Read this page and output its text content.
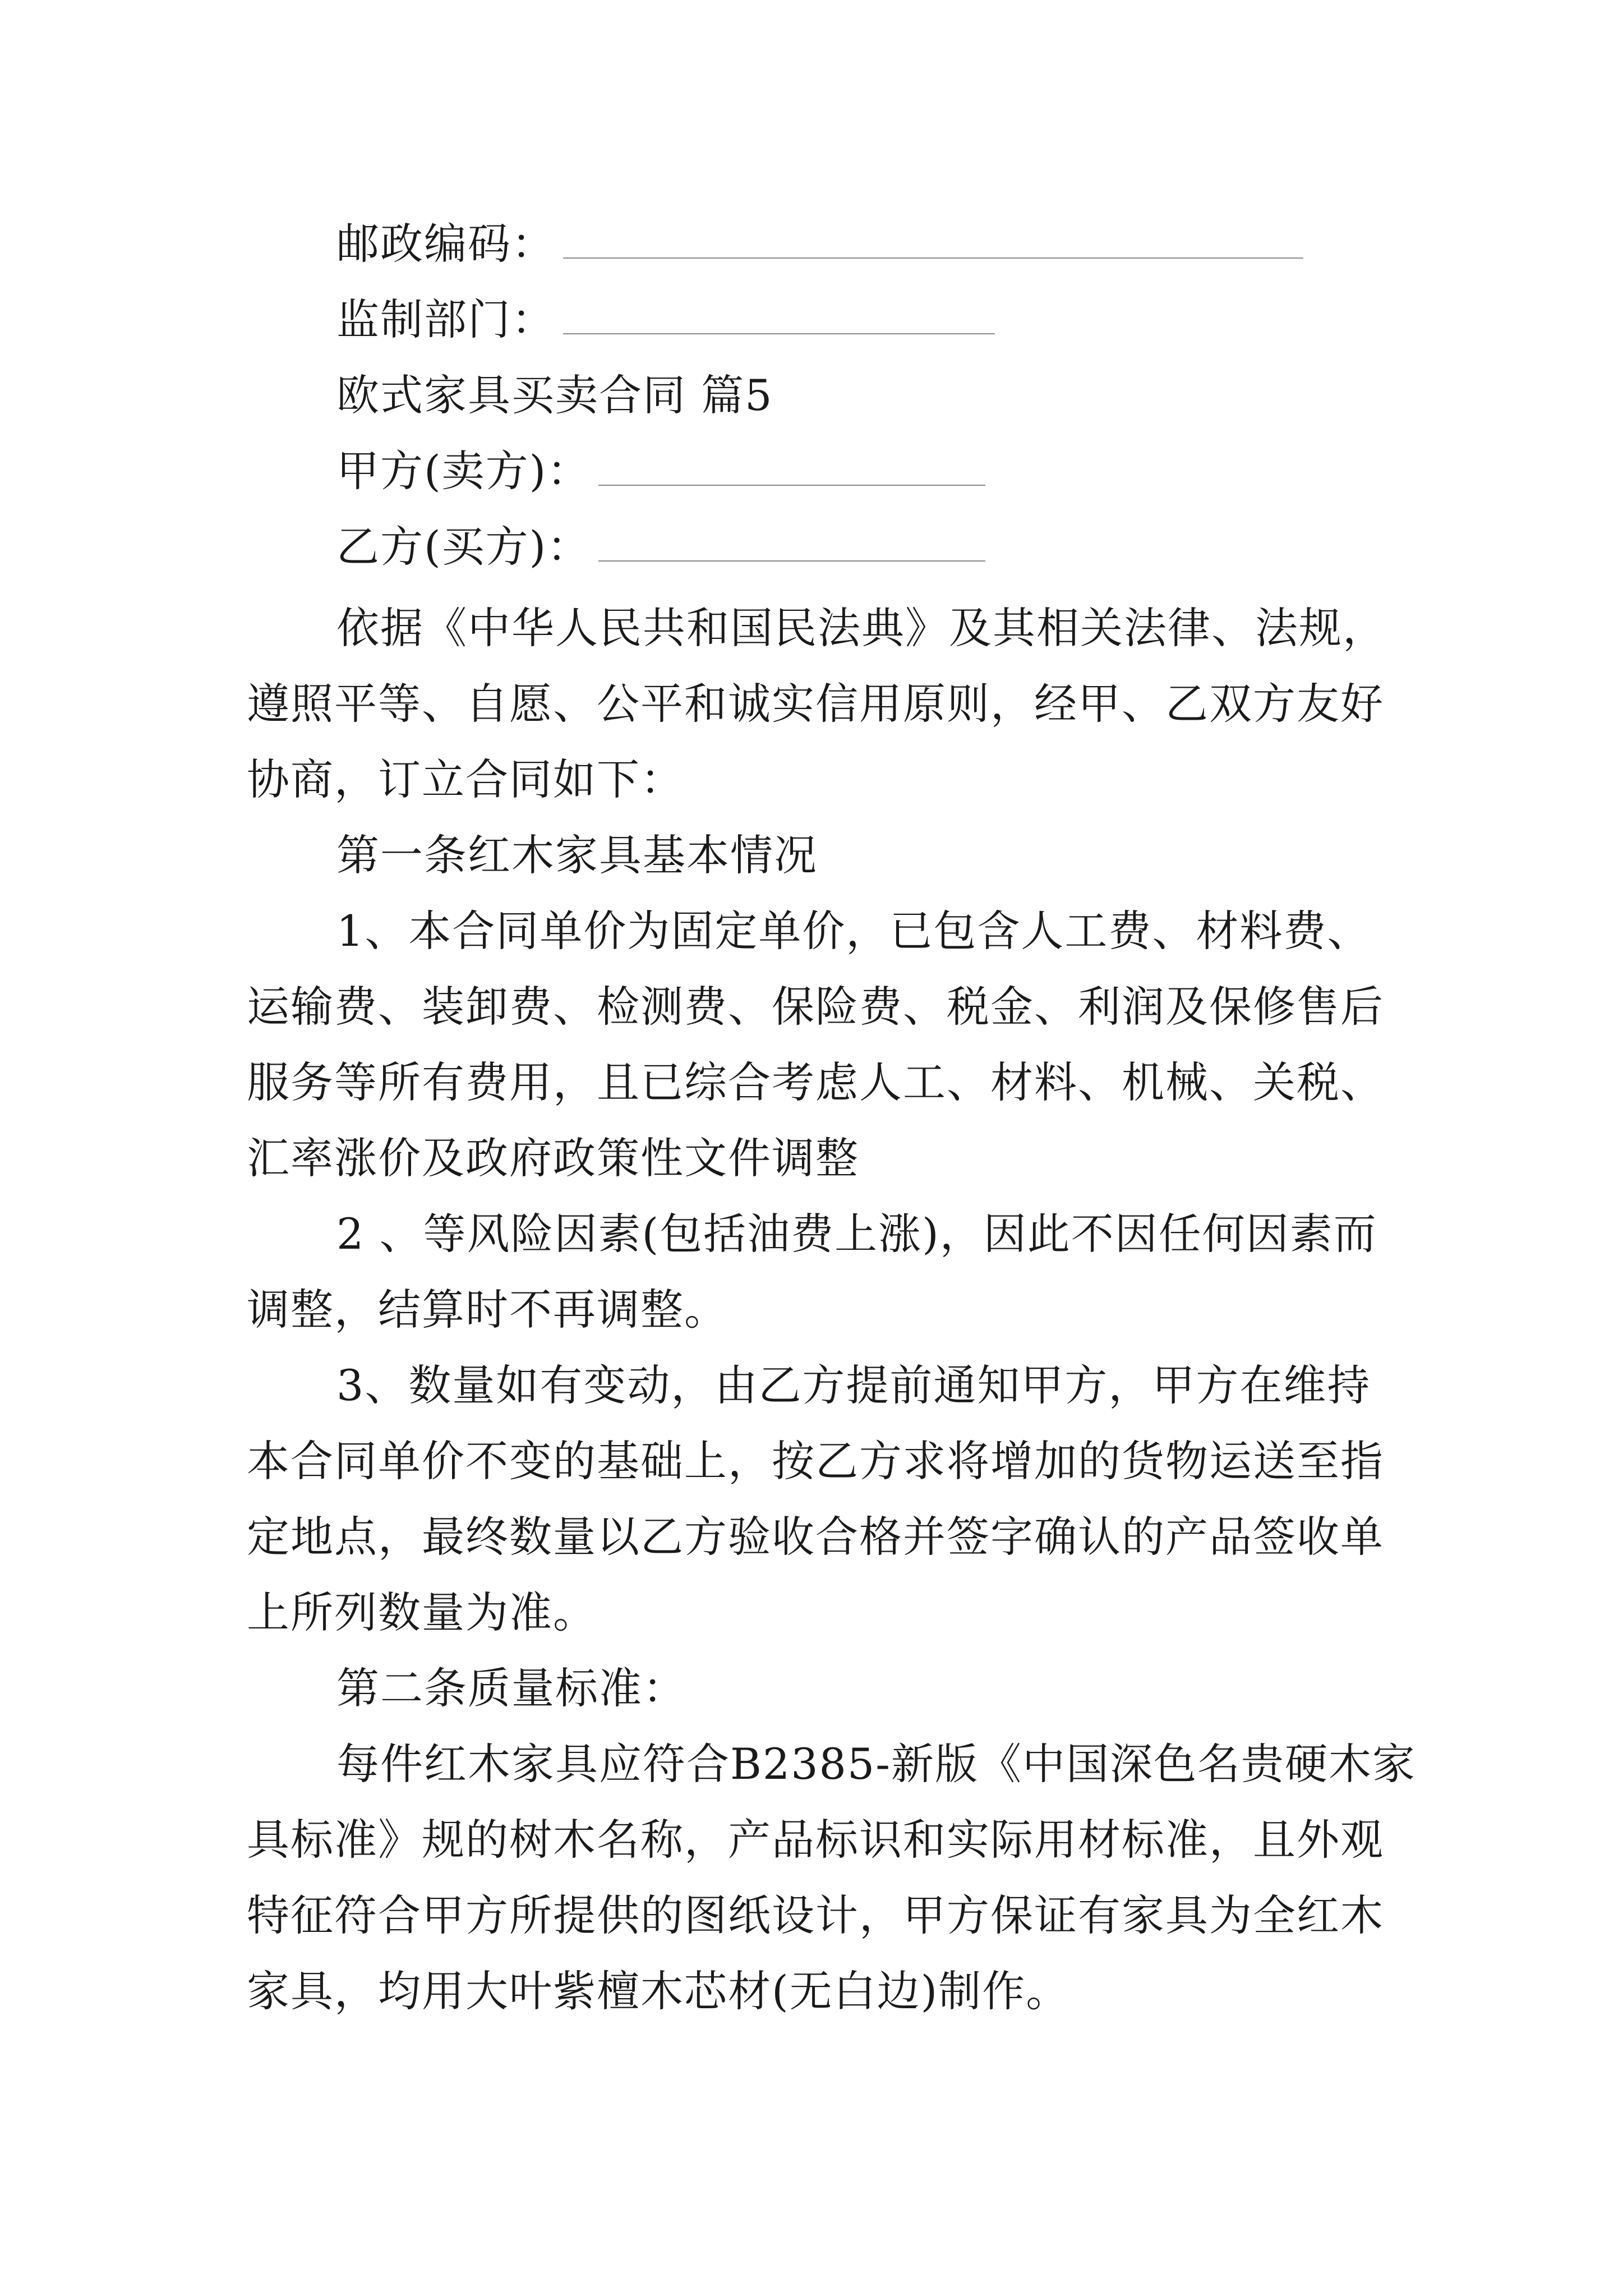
邮政编码：
监制部门：
欧式家具买卖合同 篇5
甲方(卖方)：
乙方(买方)：
依据《中华人民共和国民法典》及其相关法律、法规，
遵照平等、自愿、公平和诚实信用原则，经甲、乙双方友好
协商，订立合同如下：
第一条红木家具基本情况
1、本合同单价为固定单价，已包含人工费、材料费、
运输费、装卸费、检测费、保险费、税金、利润及保修售后
服务等所有费用，且已综合考虑人工、材料、机械、关税、
汇率涨价及政府政策性文件调整
2 、等风险因素(包括油费上涨)，因此不因任何因素而
调整，结算时不再调整。
3、数量如有变动，由乙方提前通知甲方，甲方在维持
本合同单价不变的基础上，按乙方求将增加的货物运送至指
定地点，最终数量以乙方验收合格并签字确认的产品签收单
上所列数量为准。
第二条质量标准：
每件红木家具应符合B2385-新版《中国深色名贵硬木家
具标准》规的树木名称，产品标识和实际用材标准，且外观
特征符合甲方所提供的图纸设计，甲方保证有家具为全红木
家具，均用大叶紫檀木芯材(无白边)制作。
